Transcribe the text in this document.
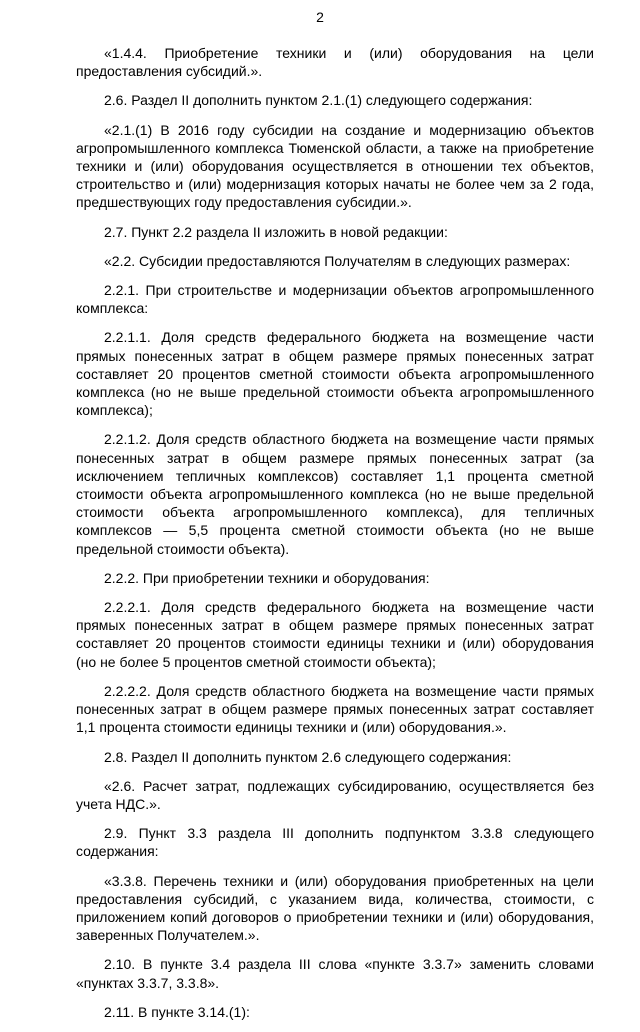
2

«1.4.4. Приобретение техники и (или) оборудования на цели предоставления субсидий.».

2.6. Раздел II дополнить пунктом 2.1.(1) следующего содержания:

«2.1.(1) В 2016 году субсидии на создание и модернизацию объектов агропромышленного комплекса Тюменской области, а также на приобретение техники и (или) оборудования осуществляется в отношении тех объектов, строительство и (или) модернизация которых начаты не более чем за 2 года, предшествующих году предоставления субсидии.».

2.7. Пункт 2.2 раздела II изложить в новой редакции:

«2.2. Субсидии предоставляются Получателям в следующих размерах:

2.2.1. При строительстве и модернизации объектов агропромышленного комплекса:

2.2.1.1. Доля средств федерального бюджета на возмещение части прямых понесенных затрат в общем размере прямых понесенных затрат составляет 20 процентов сметной стоимости объекта агропромышленного комплекса (но не выше предельной стоимости объекта агропромышленного комплекса);

2.2.1.2. Доля средств областного бюджета на возмещение части прямых понесенных затрат в общем размере прямых понесенных затрат (за исключением тепличных комплексов) составляет 1,1 процента сметной стоимости объекта агропромышленного комплекса (но не выше предельной стоимости объекта агропромышленного комплекса), для тепличных комплексов — 5,5 процента сметной стоимости объекта (но не выше предельной стоимости объекта).

2.2.2. При приобретении техники и оборудования:

2.2.2.1. Доля средств федерального бюджета на возмещение части прямых понесенных затрат в общем размере прямых понесенных затрат составляет 20 процентов стоимости единицы техники и (или) оборудования (но не более 5 процентов сметной стоимости объекта);

2.2.2.2. Доля средств областного бюджета на возмещение части прямых понесенных затрат в общем размере прямых понесенных затрат составляет 1,1 процента стоимости единицы техники и (или) оборудования.».

2.8. Раздел II дополнить пунктом 2.6 следующего содержания:

«2.6. Расчет затрат, подлежащих субсидированию, осуществляется без учета НДС.».

2.9. Пункт 3.3 раздела III дополнить подпунктом 3.3.8 следующего содержания:

«3.3.8. Перечень техники и (или) оборудования приобретенных на цели предоставления субсидий, с указанием вида, количества, стоимости, с приложением копий договоров о приобретении техники и (или) оборудования, заверенных Получателем.».

2.10. В пункте 3.4 раздела III слова «пункте 3.3.7» заменить словами «пунктах 3.3.7, 3.3.8».

2.11. В пункте 3.14.(1):
